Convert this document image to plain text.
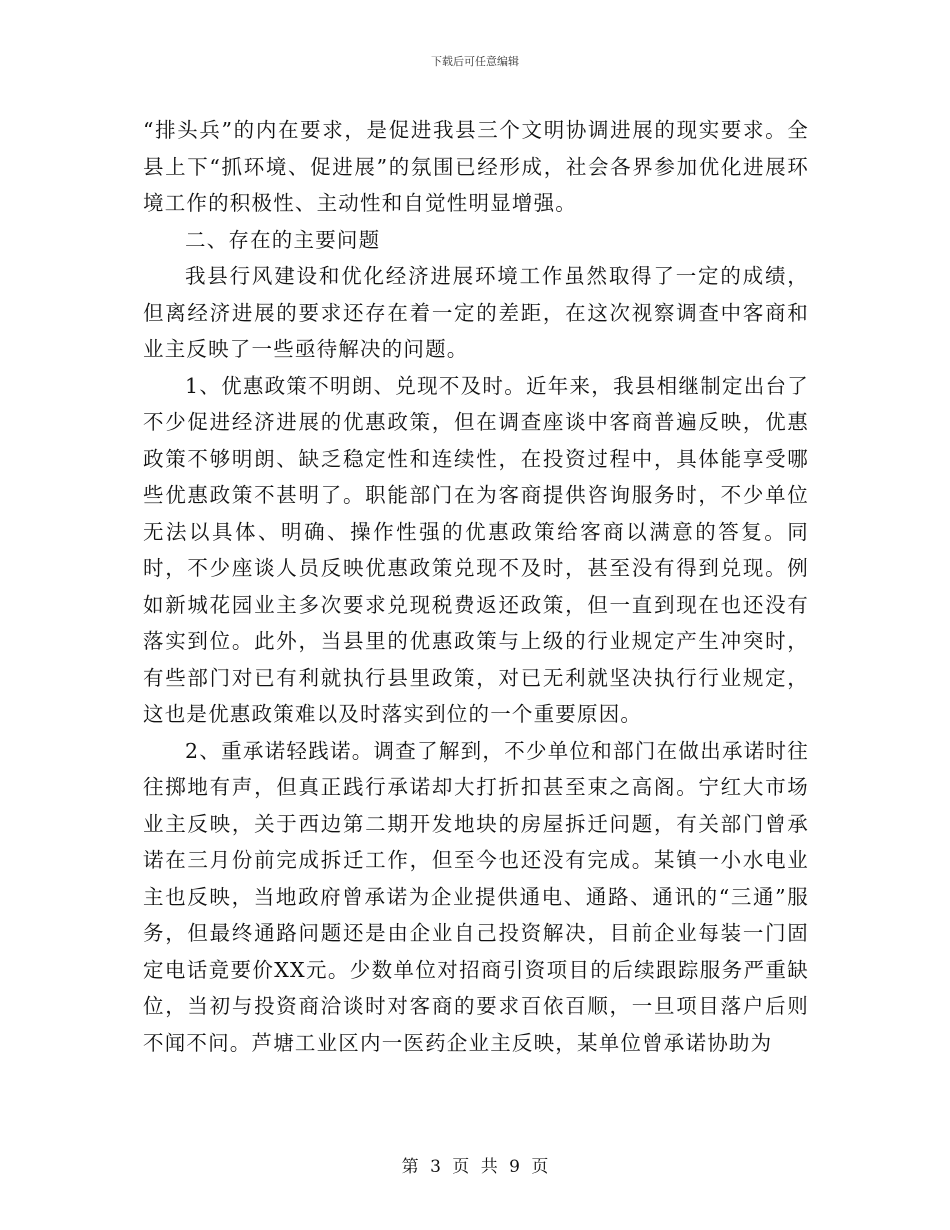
下载后可任意编辑

“排头兵”的内在要求，是促进我县三个文明协调进展的现实要求。全县上下“抓环境、促进展”的氛围已经形成，社会各界参加优化进展环境工作的积极性、主动性和自觉性明显增强。

二、存在的主要问题

我县行风建设和优化经济进展环境工作虽然取得了一定的成绩，但离经济进展的要求还存在着一定的差距，在这次视察调查中客商和业主反映了一些亟待解决的问题。

1、优惠政策不明朗、兑现不及时。近年来，我县相继制定出台了不少促进经济进展的优惠政策，但在调查座谈中客商普遍反映，优惠政策不够明朗、缺乏稳定性和连续性，在投资过程中，具体能享受哪些优惠政策不甚明了。职能部门在为客商提供咨询服务时，不少单位无法以具体、明确、操作性强的优惠政策给客商以满意的答复。同时，不少座谈人员反映优惠政策兑现不及时，甚至没有得到兑现。例如新城花园业主多次要求兑现税费返还政策，但一直到现在也还没有落实到位。此外，当县里的优惠政策与上级的行业规定产生冲突时，有些部门对已有利就执行县里政策，对已无利就坚决执行行业规定，这也是优惠政策难以及时落实到位的一个重要原因。

2、重承诺轻践诺。调查了解到，不少单位和部门在做出承诺时往往掷地有声，但真正践行承诺却大打折扣甚至束之高阁。宁红大市场业主反映，关于西边第二期开发地块的房屋拆迁问题，有关部门曾承诺在三月份前完成拆迁工作，但至今也还没有完成。某镇一小水电业主也反映，当地政府曾承诺为企业提供通电、通路、通讯的“三通”服务，但最终通路问题还是由企业自己投资解决，目前企业每装一门固定电话竟要价XX元。少数单位对招商引资项目的后续跟踪服务严重缺位，当初与投资商洽谈时对客商的要求百依百顺，一旦项目落户后则不闻不问。芦塘工业区内一医药企业主反映，某单位曾承诺协助为

第 3 页 共 9 页
